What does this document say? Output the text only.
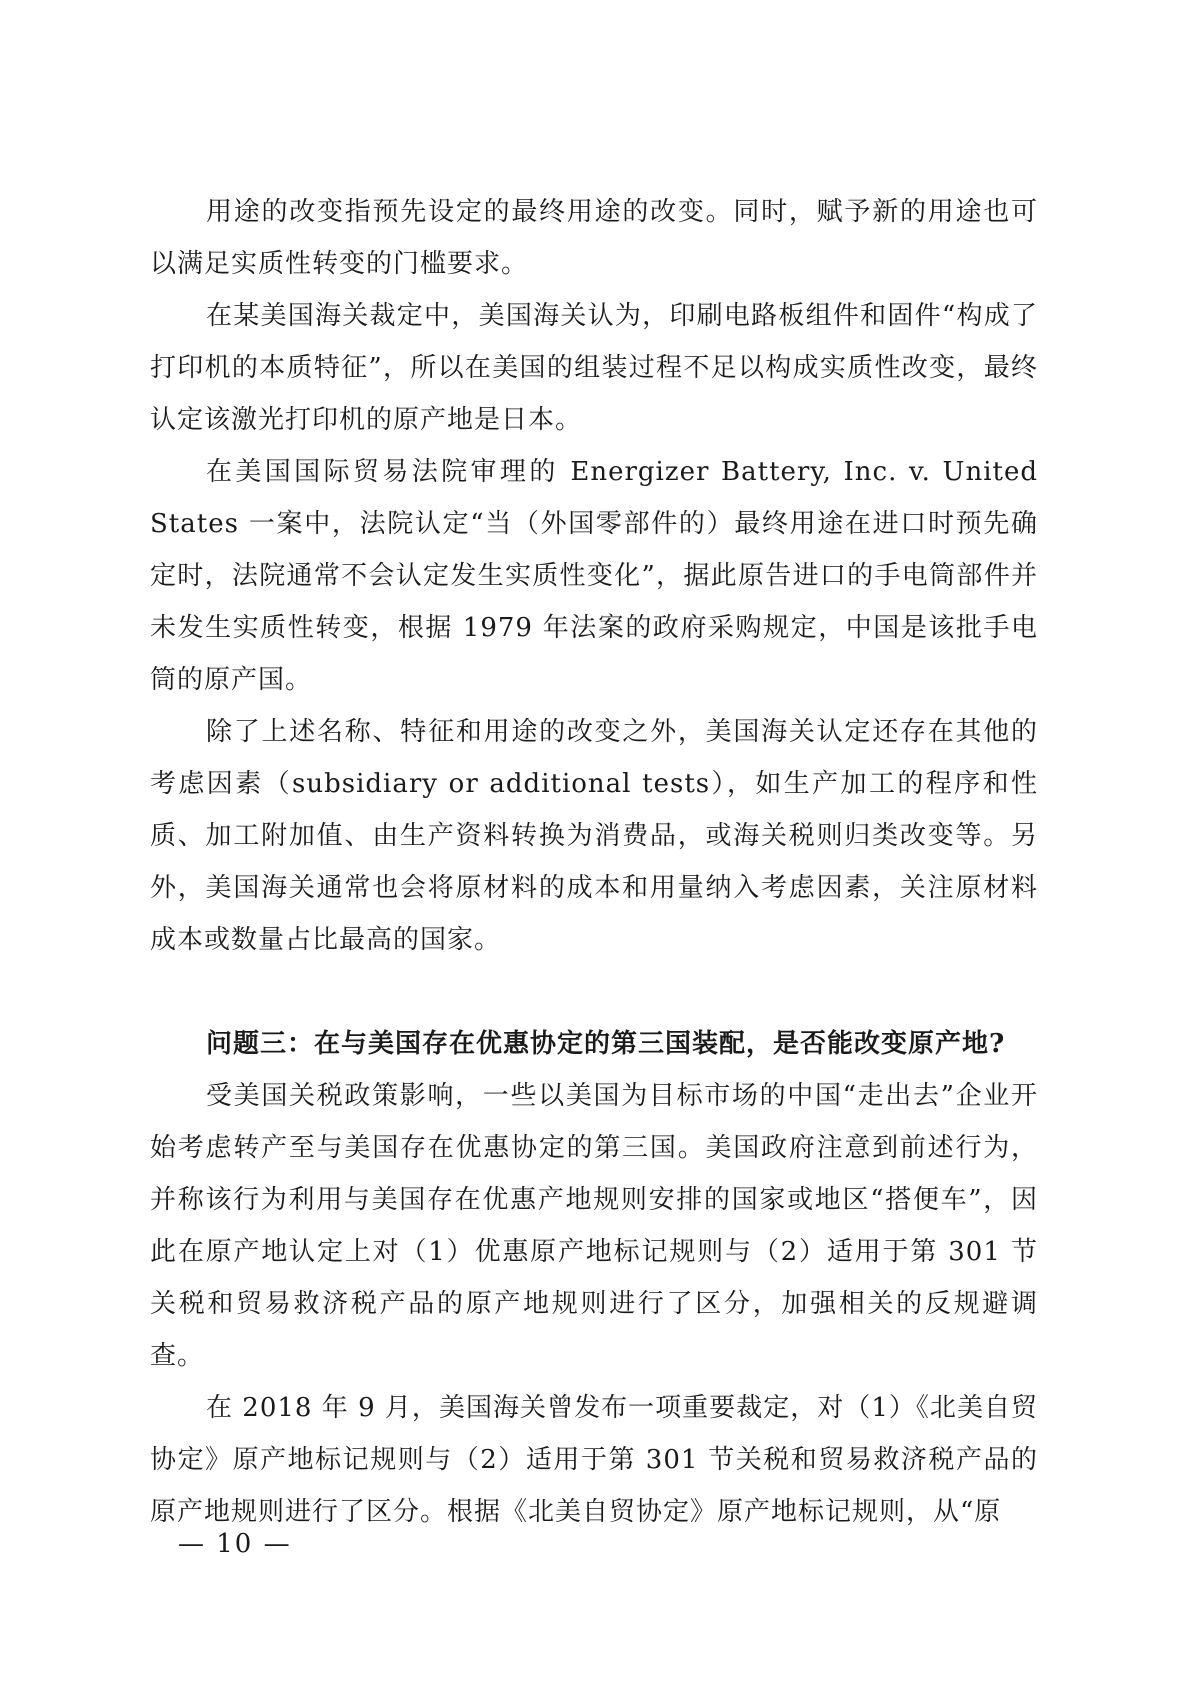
用途的改变指预先设定的最终用途的改变。同时，赋予新的用途也可以满足实质性转变的门槛要求。

在某美国海关裁定中，美国海关认为，印刷电路板组件和固件“构成了打印机的本质特征”，所以在美国的组装过程不足以构成实质性改变，最终认定该激光打印机的原产地是日本。

在美国国际贸易法院审理的 Energizer Battery, Inc. v. United States 一案中，法院认定“当（外国零部件的）最终用途在进口时预先确定时，法院通常不会认定发生实质性变化”，据此原告进口的手电筒部件并未发生实质性转变，根据 1979 年法案的政府采购规定，中国是该批手电筒的原产国。

除了上述名称、特征和用途的改变之外，美国海关认定还存在其他的考虑因素（subsidiary or additional tests），如生产加工的程序和性质、加工附加值、由生产资料转换为消费品，或海关税则归类改变等。另外，美国海关通常也会将原材料的成本和用量纳入考虑因素，关注原材料成本或数量占比最高的国家。

问题三：在与美国存在优惠协定的第三国装配，是否能改变原产地?

受美国关税政策影响，一些以美国为目标市场的中国“走出去”企业开始考虑转产至与美国存在优惠协定的第三国。美国政府注意到前述行为，并称该行为利用与美国存在优惠产地规则安排的国家或地区“搭便车”，因此在原产地认定上对（1）优惠原产地标记规则与（2）适用于第 301 节关税和贸易救济税产品的原产地规则进行了区分，加强相关的反规避调查。

在 2018 年 9 月，美国海关曾发布一项重要裁定，对（1）《北美自贸协定》原产地标记规则与（2）适用于第 301 节关税和贸易救济税产品的原产地规则进行了区分。根据《北美自贸协定》原产地标记规则，从“原

— 10 —
